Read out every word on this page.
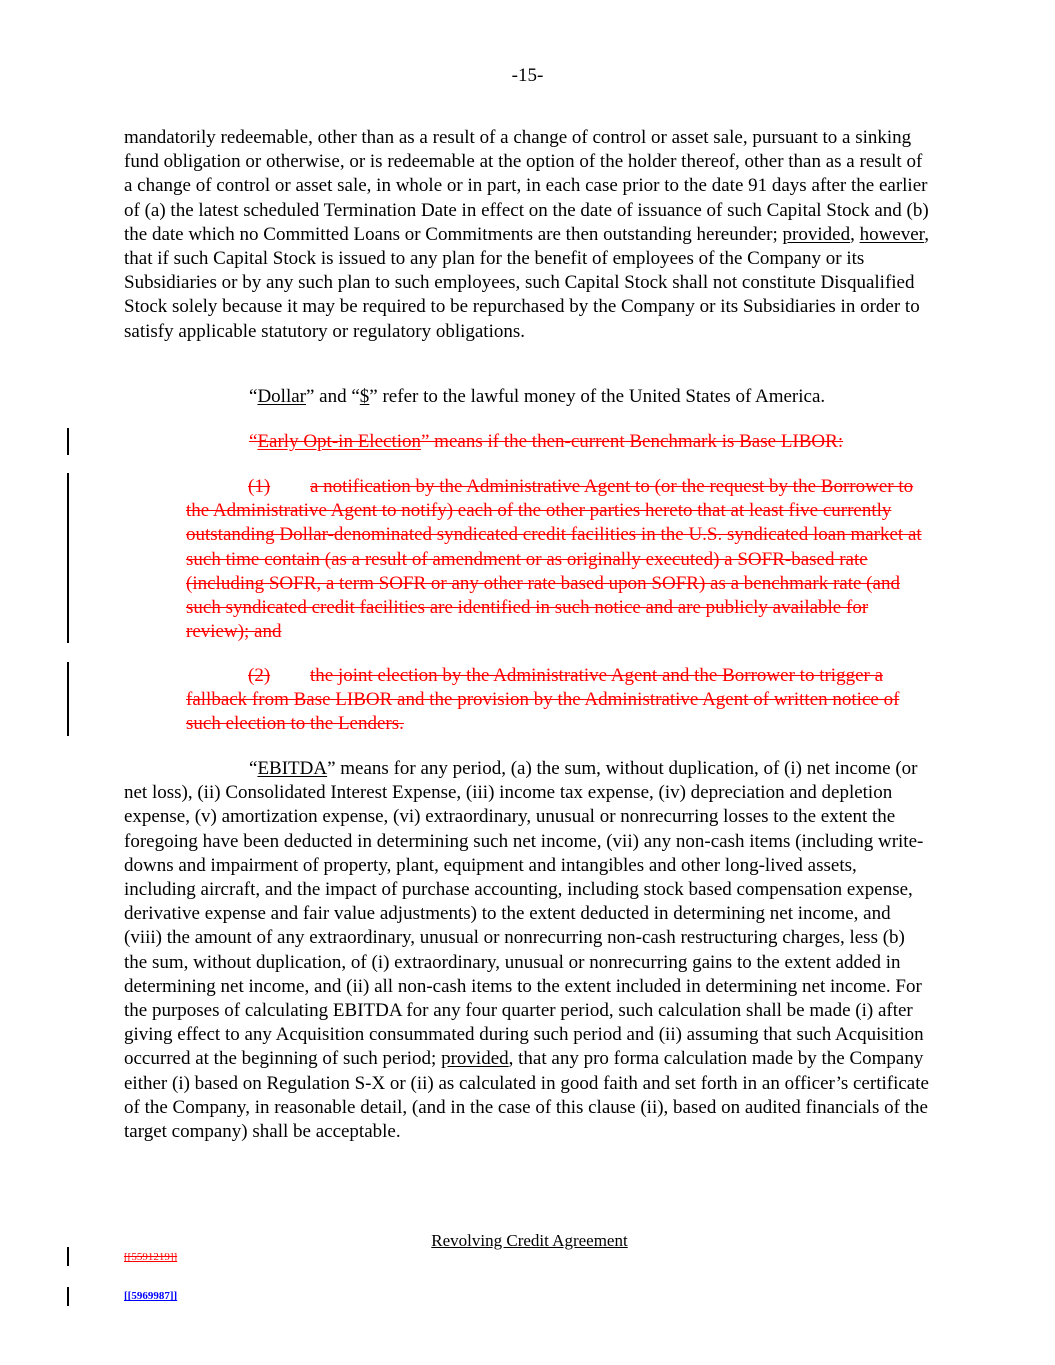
-15-

mandatorily redeemable, other than as a result of a change of control or asset sale, pursuant to a sinking fund obligation or otherwise, or is redeemable at the option of the holder thereof, other than as a result of a change of control or asset sale, in whole or in part, in each case prior to the date 91 days after the earlier of (a) the latest scheduled Termination Date in effect on the date of issuance of such Capital Stock and (b) the date which no Committed Loans or Commitments are then outstanding hereunder; provided, however, that if such Capital Stock is issued to any plan for the benefit of employees of the Company or its Subsidiaries or by any such plan to such employees, such Capital Stock shall not constitute Disqualified Stock solely because it may be required to be repurchased by the Company or its Subsidiaries in order to satisfy applicable statutory or regulatory obligations.

“Dollar” and “$” refer to the lawful money of the United States of America.

“Early Opt-in Election” means if the then-current Benchmark is Base LIBOR:

(1) a notification by the Administrative Agent to (or the request by the Borrower to the Administrative Agent to notify) each of the other parties hereto that at least five currently outstanding Dollar-denominated syndicated credit facilities in the U.S. syndicated loan market at such time contain (as a result of amendment or as originally executed) a SOFR-based rate (including SOFR, a term SOFR or any other rate based upon SOFR) as a benchmark rate (and such syndicated credit facilities are identified in such notice and are publicly available for review); and

(2) the joint election by the Administrative Agent and the Borrower to trigger a fallback from Base LIBOR and the provision by the Administrative Agent of written notice of such election to the Lenders.

“EBITDA” means for any period, (a) the sum, without duplication, of (i) net income (or net loss), (ii) Consolidated Interest Expense, (iii) income tax expense, (iv) depreciation and depletion expense, (v) amortization expense, (vi) extraordinary, unusual or nonrecurring losses to the extent the foregoing have been deducted in determining such net income, (vii) any non-cash items (including write-downs and impairment of property, plant, equipment and intangibles and other long-lived assets, including aircraft, and the impact of purchase accounting, including stock based compensation expense, derivative expense and fair value adjustments) to the extent deducted in determining net income, and (viii) the amount of any extraordinary, unusual or nonrecurring non-cash restructuring charges, less (b) the sum, without duplication, of (i) extraordinary, unusual or nonrecurring gains to the extent added in determining net income, and (ii) all non-cash items to the extent included in determining net income. For the purposes of calculating EBITDA for any four quarter period, such calculation shall be made (i) after giving effect to any Acquisition consummated during such period and (ii) assuming that such Acquisition occurred at the beginning of such period; provided, that any pro forma calculation made by the Company either (i) based on Regulation S-X or (ii) as calculated in good faith and set forth in an officer’s certificate of the Company, in reasonable detail, (and in the case of this clause (ii), based on audited financials of the target company) shall be acceptable.

Revolving Credit Agreement
[[5591219]]
[[5969987]]
